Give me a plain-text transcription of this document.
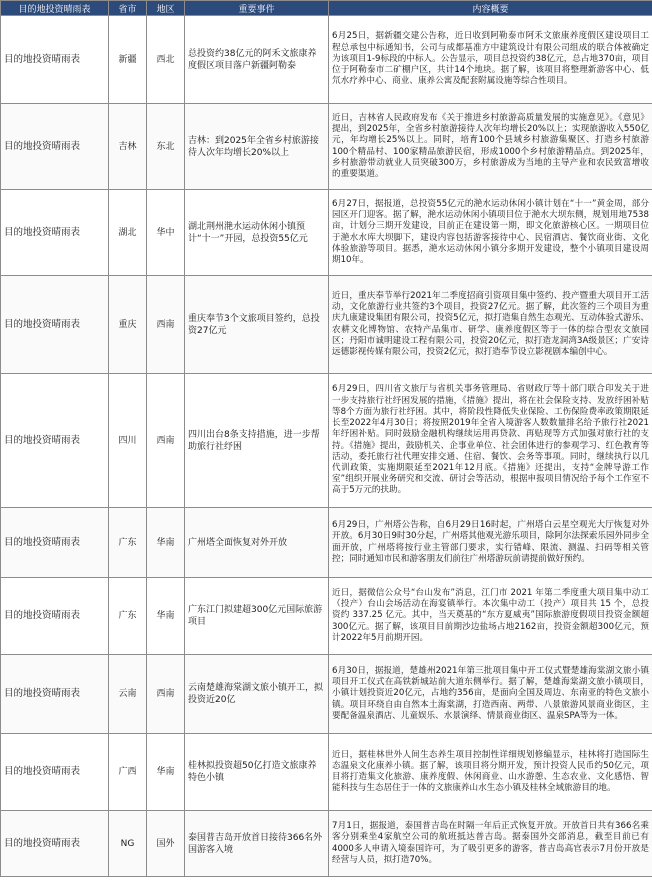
目的地投资晴雨表	省市	地区	重要事件	内容概要
目的地投资晴雨表	新疆	西北	总投资约38亿元的阿禾文旅康养度假区项目落户新疆阿勒泰	6月25日，据新疆交建公告称，近日收到阿勒泰市阿禾文旅康养度假区建设项目工程总承包中标通知书，公司与成都基准方中建筑设计有限公司组成的联合体被确定为该项目1-9标段的中标人。公告显示，项目总投资约38亿元，总占地370亩，项目位于阿勒泰市二矿棚户区，共计14个地块。据了解，该项目将整理新游客中心、低氘水疗养中心、商业、康养公寓及配套附属设施等综合性项目。
目的地投资晴雨表	吉林	东北	吉林：到2025年全省乡村旅游接待人次年均增长20%以上	近日，吉林省人民政府发布《关于推进乡村旅游高质量发展的实施意见》。《意见》提出，到2025年，全省乡村旅游接待人次年均增长20%以上；实现旅游收入550亿元，年均增长25%以上。同时，培育100个县域乡村旅游集聚区、打造乡村旅游100个精品村、100家精品旅游民宿，形成1000个乡村旅游精品点。到2025年，乡村旅游带动就业人员突破300万，乡村旅游成为当地的主导产业和农民致富增收的重要渠道。
目的地投资晴雨表	湖北	华中	湖北荆州滟水运动休闲小镇预计“十一”开园，总投资55亿元	6月27日，据报道，总投资55亿元的滟水运动休闲小镇计划在“十一”黄金周，部分园区开门迎客。据了解，滟水运动休闲小镇项目位于滟水大坝东侧，规划用地7538亩，计划分三期开发建设，目前正在建设第一期，即文化旅游核心区。一期项目位于滟水水库大坝脚下，建设内容包括游客接待中心、民宿酒店、餐饮商业街、文化体验旅游等项目。据悉，滟水运动休闲小镇分多期开发建设，整个小镇项目建设周期10年。
目的地投资晴雨表	重庆	西南	重庆奉节3个文旅项目签约，总投资27亿元	近日，重庆奉节举行2021年二季度招商引资项目集中签约、投产暨重大项目开工活动，文化旅游行业共签约3个项目，投资27亿元。据了解，此次签约三个项目为重庆九康建设集团有限公司，投资5亿元，拟打造集自然生态观光、互动体验式游乐、农耕文化博物馆、农特产品集市、研学、康养度假区等于一体的综合型农文旅园区；丹阳市诚明建设工程有限公司，投资20亿元，拟打造龙洞湾3A级景区；广安诗远德影视传媒有限公司，投资2亿元，拟打造奉节设立影视剧本编创中心。
目的地投资晴雨表	四川	西南	四川出台8条支持措施，进一步帮助旅行社纾困	6月29日，四川省文旅厅与省机关事务管理局、省财政厅等十部门联合印发关于进一步支持旅行社纾困发展的措施，《措施》提出，将在社会保险支持、发放纾困补贴等8个方面为旅行社纾困。其中，将阶段性降低失业保险、工伤保险费率政策期限延长至2022年4月30日；将按照2019年全省入境游客人数数量排名给予旅行社2021年纾困补贴。同时鼓励金融机构继续运用再贷款、再贴现等方式加强对旅行社的支持。《措施》提出，鼓励机关、企事业单位、社会团体进行的参观学习、红色教育等活动，委托旅行社代理安排交通、住宿、餐饮、会务等事项。同时，继续执行以几代训政策，实施期限延至2021年12月底。《措施》还提出，支持“金牌导游工作室”组织开展业务研究和交流、研讨会等活动，根据申报项目情况给予每个工作室不高于5万元的扶助。
目的地投资晴雨表	广东	华南	广州塔全面恢复对外开放	6月29日，广州塔公告称，自6月29日16时起，广州塔白云星空观光大厅恢复对外开放。6月30日9时30分起，广州塔其他观光游乐项目，除阿尔法探索乐园外同步全面开放，广州塔将按行业主管部门要求，实行错峰、限流、测温、扫码等相关管控；同时通知市民和游客朋友们前往广州塔游玩前请提前做好预约。
目的地投资晴雨表	广东	华南	广东江门拟建超300亿元国际旅游项目	近日，据微信公众号“台山发布”消息，江门市 2021 年第二季度重大项目集中动工（投产）台山会场活动在海宴镇举行。本次集中动工（投产）项目共 15 个，总投资约 337.25 亿元。其中，当天奠基的“东方夏威夷”国际旅游度假项目投资金额超300亿元。据了解，该项目目前期沙边盐场占地2162亩，投资金额超300亿元，预计2022年5月前期开园。
目的地投资晴雨表	云南	西南	云南楚雄海棠湖文旅小镇开工，拟投资近20亿	6月30日，据报道，楚雄州2021年第三批项目集中开工仪式暨楚雄海棠湖文旅小镇项目开工仪式在高铁新城站前大道东侧举行。据了解，楚雄海棠湖文旅小镇项目，小镇计划投资近20亿元，占地约356亩，是面向全国及周边、东南亚的特色文旅小镇。项目环绕自由自然本土海棠湖，打造西南、两带、八景旅游风景商业街区，主要配备温泉酒店、儿童娱乐、水景演绎、情景商业街区、温泉SPA等为一体。
目的地投资晴雨表	广西	华南	桂林拟投资超50亿打造文旅康养特色小镇	近日，据桂林世外人间生态养生项目控制性详细规划修编显示，桂林将打造国际生态温泉文化康养小镇。据了解，该项目将分期开发，预计投资人民币约50亿元，项目将打造集文化旅游、康养度假、休闲商业、山水游憩、生态农业、文化感悟、智能科技与生态居住于一体的文旅康养山水生态小镇及桂林全域旅游目的地。
目的地投资晴雨表	NG	国外	泰国普吉岛开放首日接待366名外国游客入境	7月1日，据报道，泰国普吉岛在时隔一年后正式恢复开放。开放首日共有366名乘客分别乘坐4家航空公司的航班抵达普吉岛。据泰国外交部消息，截至目前已有4000多人申请入境泰国许可，为了吸引更多的游客，普吉岛高官表示7月份开放是经营与人员，拟打造70%。
